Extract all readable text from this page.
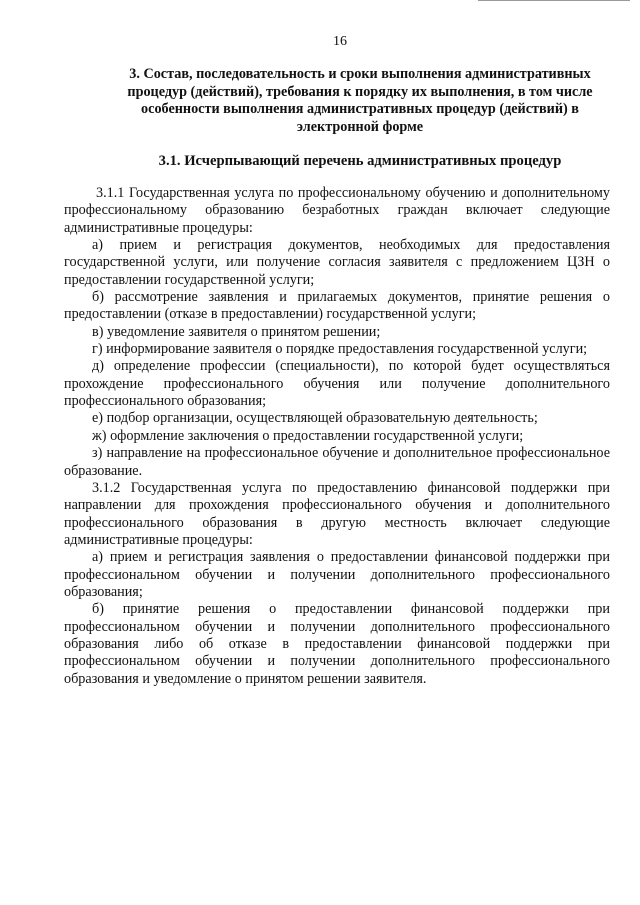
16
3. Состав, последовательность и сроки выполнения административных процедур (действий), требования к порядку их выполнения, в том числе особенности выполнения административных процедур (действий) в электронной форме
3.1. Исчерпывающий перечень административных процедур

3.1.1 Государственная услуга по профессиональному обучению и дополнительному профессиональному образованию безработных граждан включает следующие административные процедуры:

а) прием и регистрация документов, необходимых для предоставления государственной услуги, или получение согласия заявителя с предложением ЦЗН о предоставлении государственной услуги;

б) рассмотрение заявления и прилагаемых документов, принятие решения о предоставлении (отказе в предоставлении) государственной услуги;

в) уведомление заявителя о принятом решении;

г) информирование заявителя о порядке предоставления государственной услуги;

д) определение профессии (специальности), по которой будет осуществляться прохождение профессионального обучения или получение дополнительного профессионального образования;

е) подбор организации, осуществляющей образовательную деятельность;

ж) оформление заключения о предоставлении государственной услуги;

з) направление на профессиональное обучение и дополнительное профессиональное образование.

3.1.2 Государственная услуга по предоставлению финансовой поддержки при направлении для прохождения профессионального обучения и дополнительного профессионального образования в другую местность включает следующие административные процедуры:

а) прием и регистрация заявления о предоставлении финансовой поддержки при профессиональном обучении и получении дополнительного профессионального образования;

б) принятие решения о предоставлении финансовой поддержки при профессиональном обучении и получении дополнительного профессионального образования либо об отказе в предоставлении финансовой поддержки при профессиональном обучении и получении дополнительного профессионального образования и уведомление о принятом решении заявителя.
